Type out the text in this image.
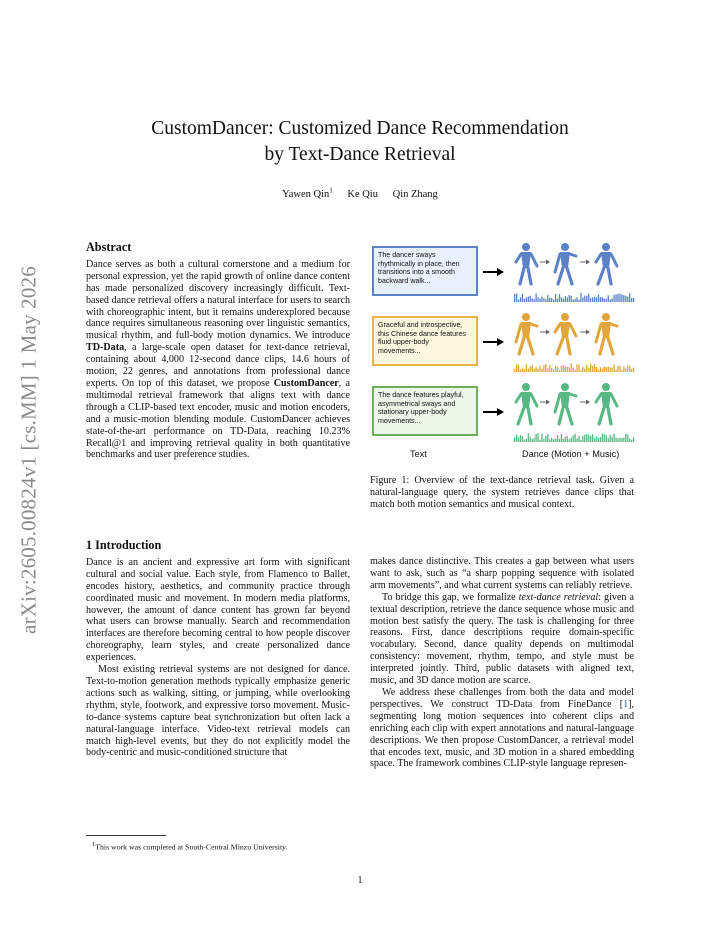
arXiv:2605.00824v1 [cs.MM] 1 May 2026
CustomDancer: Customized Dance Recommendation
by Text-Dance Retrieval
Yawen Qin$^1$ Ke Qiu Qin Zhang
Abstract

Dance serves as both a cultural cornerstone and a medium for personal expression, yet the rapid growth of online dance content has made personalized discovery increasingly difficult. Text-based dance retrieval offers a natural interface for users to search with choreographic intent, but it remains underexplored because dance requires simultaneous reasoning over linguistic semantics, musical rhythm, and full-body motion dynamics. We introduce TD-Data, a large-scale open dataset for text-dance retrieval, containing about 4,000 12-second dance clips, 14.6 hours of motion, 22 genres, and annotations from professional dance experts. On top of this dataset, we propose CustomDancer, a multimodal retrieval framework that aligns text with dance through a CLIP-based text encoder, music and motion encoders, and a music-motion blending module. CustomDancer achieves state-of-the-art performance on TD-Data, reaching 10.23% Recall@1 and improving retrieval quality in both quantitative benchmarks and user preference studies.

The dancer sways rhythmically in place, then transitions into a smooth backward walk...
Graceful and introspective, this Chinese dance features fluid upper-body movements...
The dance features playful, asymmetrical sways and stationary upper-body movements...
Text	Dance (Motion + Music)
Figure 1: Overview of the text-dance retrieval task. Given a natural-language query, the system retrieves dance clips that match both motion semantics and musical context.
1 Introduction

Dance is an ancient and expressive art form with significant cultural and social value. Each style, from Flamenco to Ballet, encodes history, aesthetics, and community practice through coordinated music and movement. In modern media platforms, however, the amount of dance content has grown far beyond what users can browse manually. Search and recommendation interfaces are therefore becoming central to how people discover choreography, learn styles, and create personalized dance experiences.

Most existing retrieval systems are not designed for dance. Text-to-motion generation methods typically emphasize generic actions such as walking, sitting, or jumping, while overlooking rhythm, style, footwork, and expressive torso movement. Music-to-dance systems capture beat synchronization but often lack a natural-language interface. Video-text retrieval models can match high-level events, but they do not explicitly model the body-centric and music-conditioned structure that

makes dance distinctive. This creates a gap between what users want to ask, such as “a sharp popping sequence with isolated arm movements”, and what current systems can reliably retrieve.

To bridge this gap, we formalize text-dance retrieval: given a textual description, retrieve the dance sequence whose music and motion best satisfy the query. The task is challenging for three reasons. First, dance descriptions require domain-specific vocabulary. Second, dance quality depends on multimodal consistency: movement, rhythm, tempo, and style must be interpreted jointly. Third, public datasets with aligned text, music, and 3D dance motion are scarce.

We address these challenges from both the data and model perspectives. We construct TD-Data from FineDance [1], segmenting long motion sequences into coherent clips and enriching each clip with expert annotations and natural-language descriptions. We then propose CustomDancer, a retrieval model that encodes text, music, and 3D motion in a shared embedding space. The framework combines CLIP-style language represen-

$^1$This work was completed at South-Central Minzu University.
1
